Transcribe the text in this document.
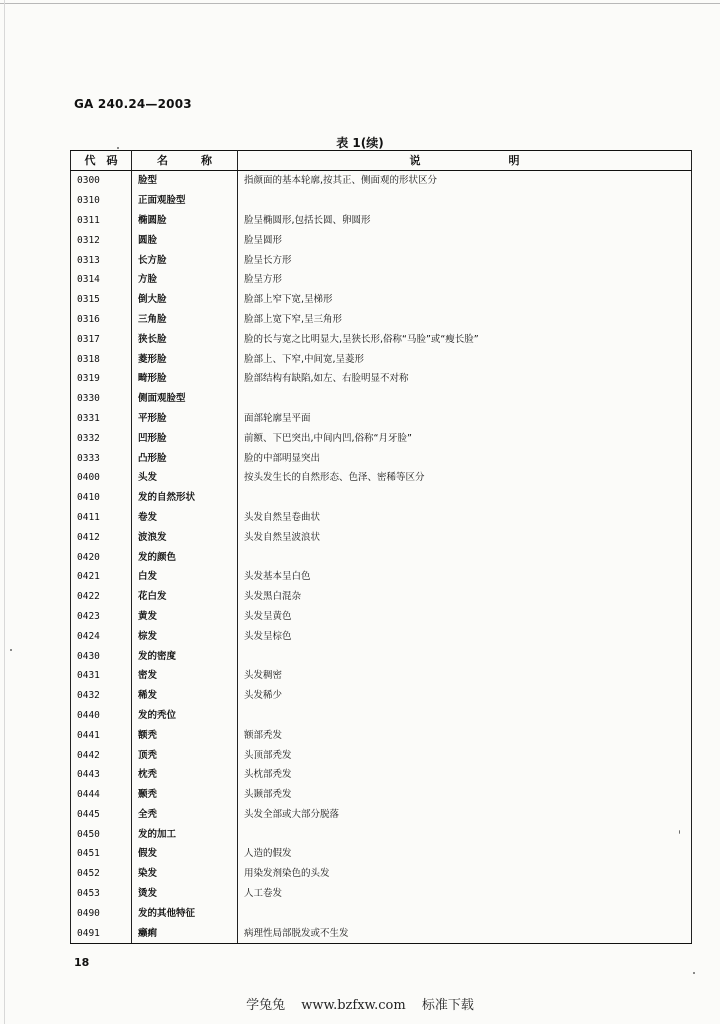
GA 240.24—2003
表 1(续)
代　码	名　　　称	说　　　　　　　　明
0300	脸型	指颜面的基本轮廓,按其正、侧面观的形状区分
0310	正面观脸型	
0311	椭圆脸	脸呈椭圆形,包括长圆、卵圆形
0312	圆脸	脸呈圆形
0313	长方脸	脸呈长方形
0314	方脸	脸呈方形
0315	倒大脸	脸部上窄下宽,呈梯形
0316	三角脸	脸部上宽下窄,呈三角形
0317	狭长脸	脸的长与宽之比明显大,呈狭长形,俗称“马脸”或“瘦长脸”
0318	菱形脸	脸部上、下窄,中间宽,呈菱形
0319	畸形脸	脸部结构有缺陷,如左、右脸明显不对称
0330	侧面观脸型	
0331	平形脸	面部轮廓呈平面
0332	凹形脸	前额、下巴突出,中间内凹,俗称“月牙脸”
0333	凸形脸	脸的中部明显突出
0400	头发	按头发生长的自然形态、色泽、密稀等区分
0410	发的自然形状	
0411	卷发	头发自然呈卷曲状
0412	波浪发	头发自然呈波浪状
0420	发的颜色	
0421	白发	头发基本呈白色
0422	花白发	头发黑白混杂
0423	黄发	头发呈黄色
0424	棕发	头发呈棕色
0430	发的密度	
0431	密发	头发稠密
0432	稀发	头发稀少
0440	发的秃位	
0441	额秃	额部秃发
0442	顶秃	头顶部秃发
0443	枕秃	头枕部秃发
0444	颞秃	头颞部秃发
0445	全秃	头发全部或大部分脱落
0450	发的加工	
0451	假发	人造的假发
0452	染发	用染发剂染色的头发
0453	烫发	人工卷发
0490	发的其他特征	
0491	癞痢	病理性局部脱发或不生发
18
学兔兔 www.bzfxw.com 标准下载
